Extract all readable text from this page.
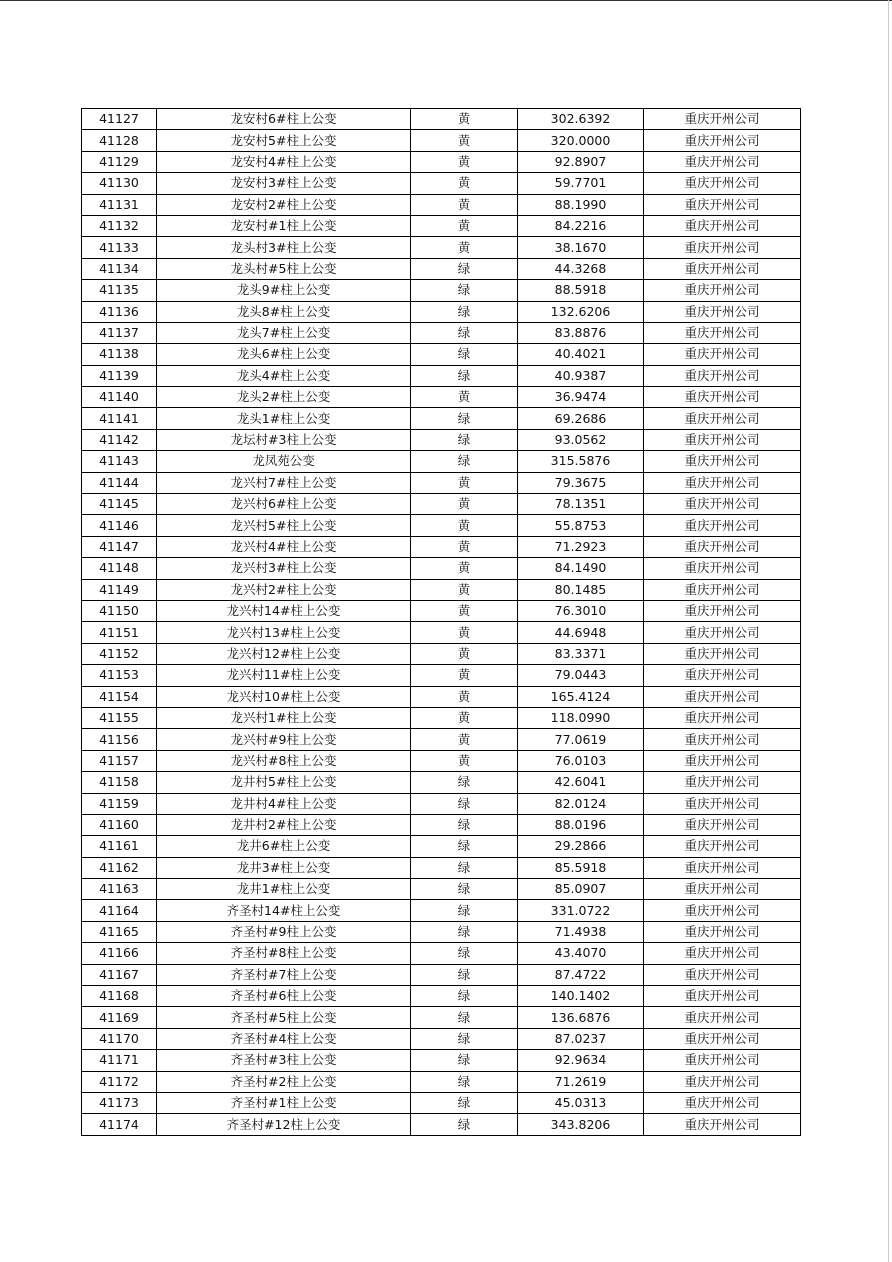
41127	龙安村6#柱上公变	黄	302.6392	重庆开州公司
41128	龙安村5#柱上公变	黄	320.0000	重庆开州公司
41129	龙安村4#柱上公变	黄	92.8907	重庆开州公司
41130	龙安村3#柱上公变	黄	59.7701	重庆开州公司
41131	龙安村2#柱上公变	黄	88.1990	重庆开州公司
41132	龙安村#1柱上公变	黄	84.2216	重庆开州公司
41133	龙头村3#柱上公变	黄	38.1670	重庆开州公司
41134	龙头村#5柱上公变	绿	44.3268	重庆开州公司
41135	龙头9#柱上公变	绿	88.5918	重庆开州公司
41136	龙头8#柱上公变	绿	132.6206	重庆开州公司
41137	龙头7#柱上公变	绿	83.8876	重庆开州公司
41138	龙头6#柱上公变	绿	40.4021	重庆开州公司
41139	龙头4#柱上公变	绿	40.9387	重庆开州公司
41140	龙头2#柱上公变	黄	36.9474	重庆开州公司
41141	龙头1#柱上公变	绿	69.2686	重庆开州公司
41142	龙坛村#3柱上公变	绿	93.0562	重庆开州公司
41143	龙凤苑公变	绿	315.5876	重庆开州公司
41144	龙兴村7#柱上公变	黄	79.3675	重庆开州公司
41145	龙兴村6#柱上公变	黄	78.1351	重庆开州公司
41146	龙兴村5#柱上公变	黄	55.8753	重庆开州公司
41147	龙兴村4#柱上公变	黄	71.2923	重庆开州公司
41148	龙兴村3#柱上公变	黄	84.1490	重庆开州公司
41149	龙兴村2#柱上公变	黄	80.1485	重庆开州公司
41150	龙兴村14#柱上公变	黄	76.3010	重庆开州公司
41151	龙兴村13#柱上公变	黄	44.6948	重庆开州公司
41152	龙兴村12#柱上公变	黄	83.3371	重庆开州公司
41153	龙兴村11#柱上公变	黄	79.0443	重庆开州公司
41154	龙兴村10#柱上公变	黄	165.4124	重庆开州公司
41155	龙兴村1#柱上公变	黄	118.0990	重庆开州公司
41156	龙兴村#9柱上公变	黄	77.0619	重庆开州公司
41157	龙兴村#8柱上公变	黄	76.0103	重庆开州公司
41158	龙井村5#柱上公变	绿	42.6041	重庆开州公司
41159	龙井村4#柱上公变	绿	82.0124	重庆开州公司
41160	龙井村2#柱上公变	绿	88.0196	重庆开州公司
41161	龙井6#柱上公变	绿	29.2866	重庆开州公司
41162	龙井3#柱上公变	绿	85.5918	重庆开州公司
41163	龙井1#柱上公变	绿	85.0907	重庆开州公司
41164	齐圣村14#柱上公变	绿	331.0722	重庆开州公司
41165	齐圣村#9柱上公变	绿	71.4938	重庆开州公司
41166	齐圣村#8柱上公变	绿	43.4070	重庆开州公司
41167	齐圣村#7柱上公变	绿	87.4722	重庆开州公司
41168	齐圣村#6柱上公变	绿	140.1402	重庆开州公司
41169	齐圣村#5柱上公变	绿	136.6876	重庆开州公司
41170	齐圣村#4柱上公变	绿	87.0237	重庆开州公司
41171	齐圣村#3柱上公变	绿	92.9634	重庆开州公司
41172	齐圣村#2柱上公变	绿	71.2619	重庆开州公司
41173	齐圣村#1柱上公变	绿	45.0313	重庆开州公司
41174	齐圣村#12柱上公变	绿	343.8206	重庆开州公司
